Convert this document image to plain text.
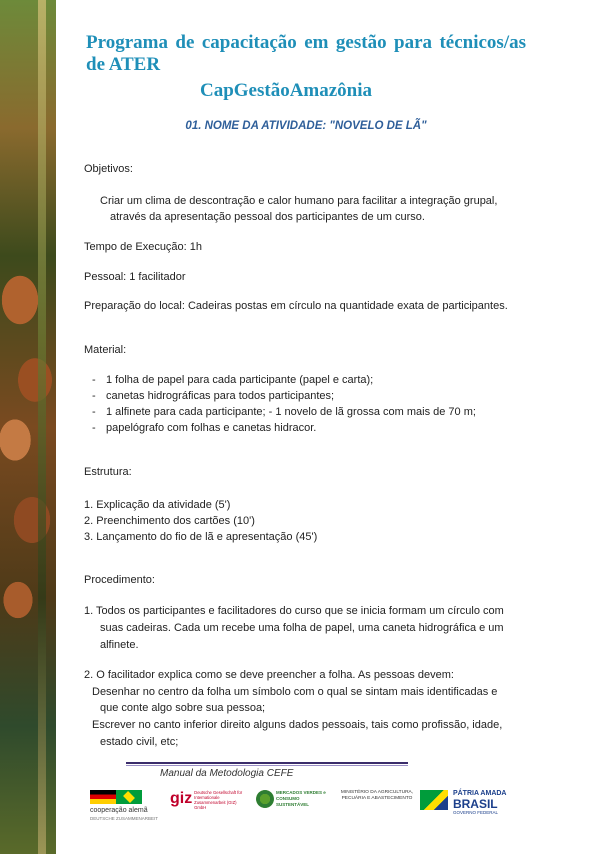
Programa de capacitação em gestão para técnicos/as de ATER
CapGestãoAmazônia
01. NOME DA ATIVIDADE: "NOVELO DE LÃ"
Objetivos:
Criar um clima de descontração e calor humano para facilitar a integração grupal,
através da apresentação pessoal dos participantes de um curso.
Tempo de Execução: 1h
Pessoal: 1 facilitador
Preparação do local: Cadeiras postas em círculo na quantidade exata de participantes.
Material:
- 1 folha de papel para cada participante (papel e carta);
- canetas hidrográficas para todos participantes;
- 1 alfinete para cada participante; - 1 novelo de lã grossa com mais de 70 m;
- papelógrafo com folhas e canetas hidracor.
Estrutura:
1. Explicação da atividade (5')
2. Preenchimento dos cartões (10')
3. Lançamento do fio de lã e apresentação (45')
Procedimento:
1. Todos os participantes e facilitadores do curso que se inicia formam um círculo com
suas cadeiras. Cada um recebe uma folha de papel, uma caneta hidrográfica e um
alfinete.
2. O facilitador explica como se deve preencher a folha. As pessoas devem:
Desenhar no centro da folha um símbolo com o qual se sintam mais identificadas e
que conte algo sobre sua pessoa;
Escrever no canto inferior direito alguns dados pessoais, tais como profissão, idade,
estado civil, etc;
Manual da Metodologia CEFE
cooperação alemã
DEUTSCHE ZUSAMMENARBEIT
giz Deutsche Gesellschaft für Internationale Zusammenarbeit (GIZ) GmbH
MERCADOS VERDES e CONSUMO SUSTENTÁVEL
MINISTÉRIO DA AGRICULTURA, PECUÁRIA E ABASTECIMENTO

PÁTRIA AMADA
BRASIL
GOVERNO FEDERAL
